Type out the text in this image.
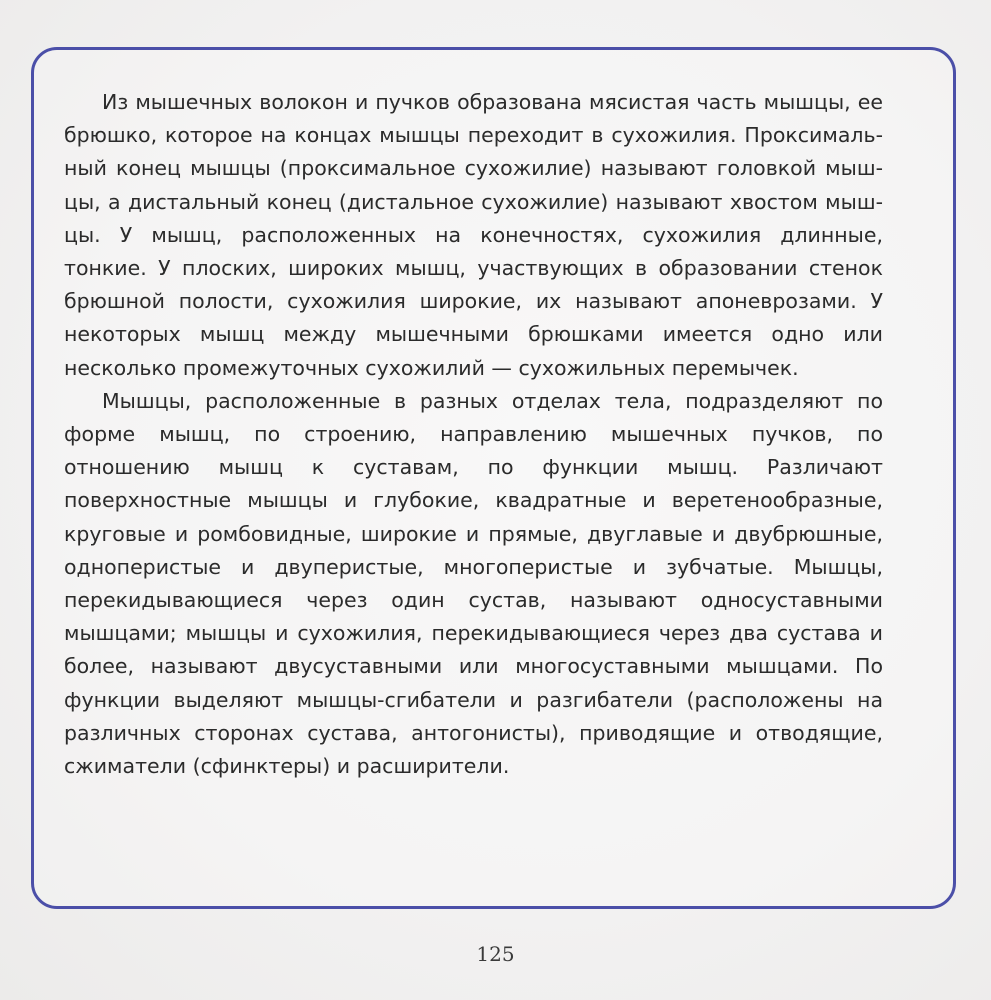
Из мышечных волокон и пучков образована мясистая часть мышцы, ее брюшко, которое на концах мышцы переходит в сухожилия. Проксимальный конец мышцы (проксимальное сухожилие) называют головкой мышцы, а дистальный конец (дистальное сухожилие) называют хвостом мышцы. У мышц, расположенных на конечностях, сухожилия длинные, тонкие. У плоских, широких мышц, участвующих в образовании стенок брюшной полости, сухожилия широкие, их называют апоневрозами. У некоторых мышц между мышечными брюшками имеется одно или несколько промежуточных сухожилий — сухожильных перемычек.

Мышцы, расположенные в разных отделах тела, подразделяют по форме мышц, по строению, направлению мышечных пучков, по отношению мышц к суставам, по функции мышц. Различают поверхностные мышцы и глубокие, квадратные и веретенообразные, круговые и ромбовидные, широкие и прямые, двуглавые и двубрюшные, одноперистые и двуперистые, многоперистые и зубчатые. Мышцы, перекидывающиеся через один сустав, называют односуставными мышцами; мышцы и сухожилия, перекидывающиеся через два сустава и более, называют двусуставными или многосуставными мышцами. По функции выделяют мышцы-сгибатели и разгибатели (расположены на различных сторонах сустава, антогонисты), приводящие и отводящие, сжиматели (сфинктеры) и расширители.

125
